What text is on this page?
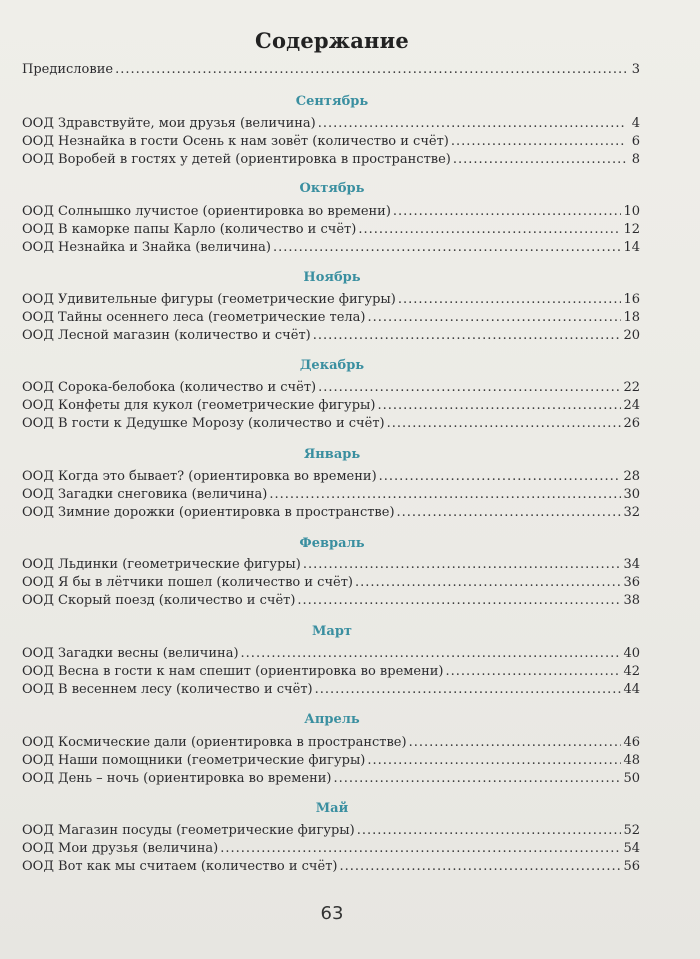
Содержание
Предисловие .....	3
Сентябрь
ООД Здравствуйте, мои друзья (величина) .....	4
ООД Незнайка в гости Осень к нам зовёт (количество и счёт) .....	6
ООД Воробей в гостях у детей (ориентировка в пространстве) .....	8
Октябрь
ООД Солнышко лучистое (ориентировка во времени) .....	10
ООД В каморке папы Карло (количество и счёт) .....	12
ООД Незнайка и Знайка (величина) .....	14
Ноябрь
ООД Удивительные фигуры (геометрические фигуры) .....	16
ООД Тайны осеннего леса (геометрические тела) .....	18
ООД Лесной магазин (количество и счёт) .....	20
Декабрь
ООД Сорока-белобока (количество и счёт) .....	22
ООД Конфеты для кукол (геометрические фигуры) .....	24
ООД В гости к Дедушке Морозу (количество и счёт) .....	26
Январь
ООД Когда это бывает? (ориентировка во времени) .....	28
ООД Загадки снеговика (величина) .....	30
ООД Зимние дорожки (ориентировка в пространстве) .....	32
Февраль
ООД Льдинки (геометрические фигуры) .....	34
ООД Я бы в лётчики пошел (количество и счёт) .....	36
ООД Скорый поезд (количество и счёт) .....	38
Март
ООД Загадки весны (величина) .....	40
ООД Весна в гости к нам спешит (ориентировка во времени) .....	42
ООД В весеннем лесу (количество и счёт) .....	44
Апрель
ООД Космические дали (ориентировка в пространстве) .....	46
ООД Наши помощники (геометрические фигуры) .....	48
ООД День – ночь (ориентировка во времени) .....	50
Май
ООД Магазин посуды (геометрические фигуры) .....	52
ООД Мои друзья (величина) .....	54
ООД Вот как мы считаем (количество и счёт) .....	56
63
